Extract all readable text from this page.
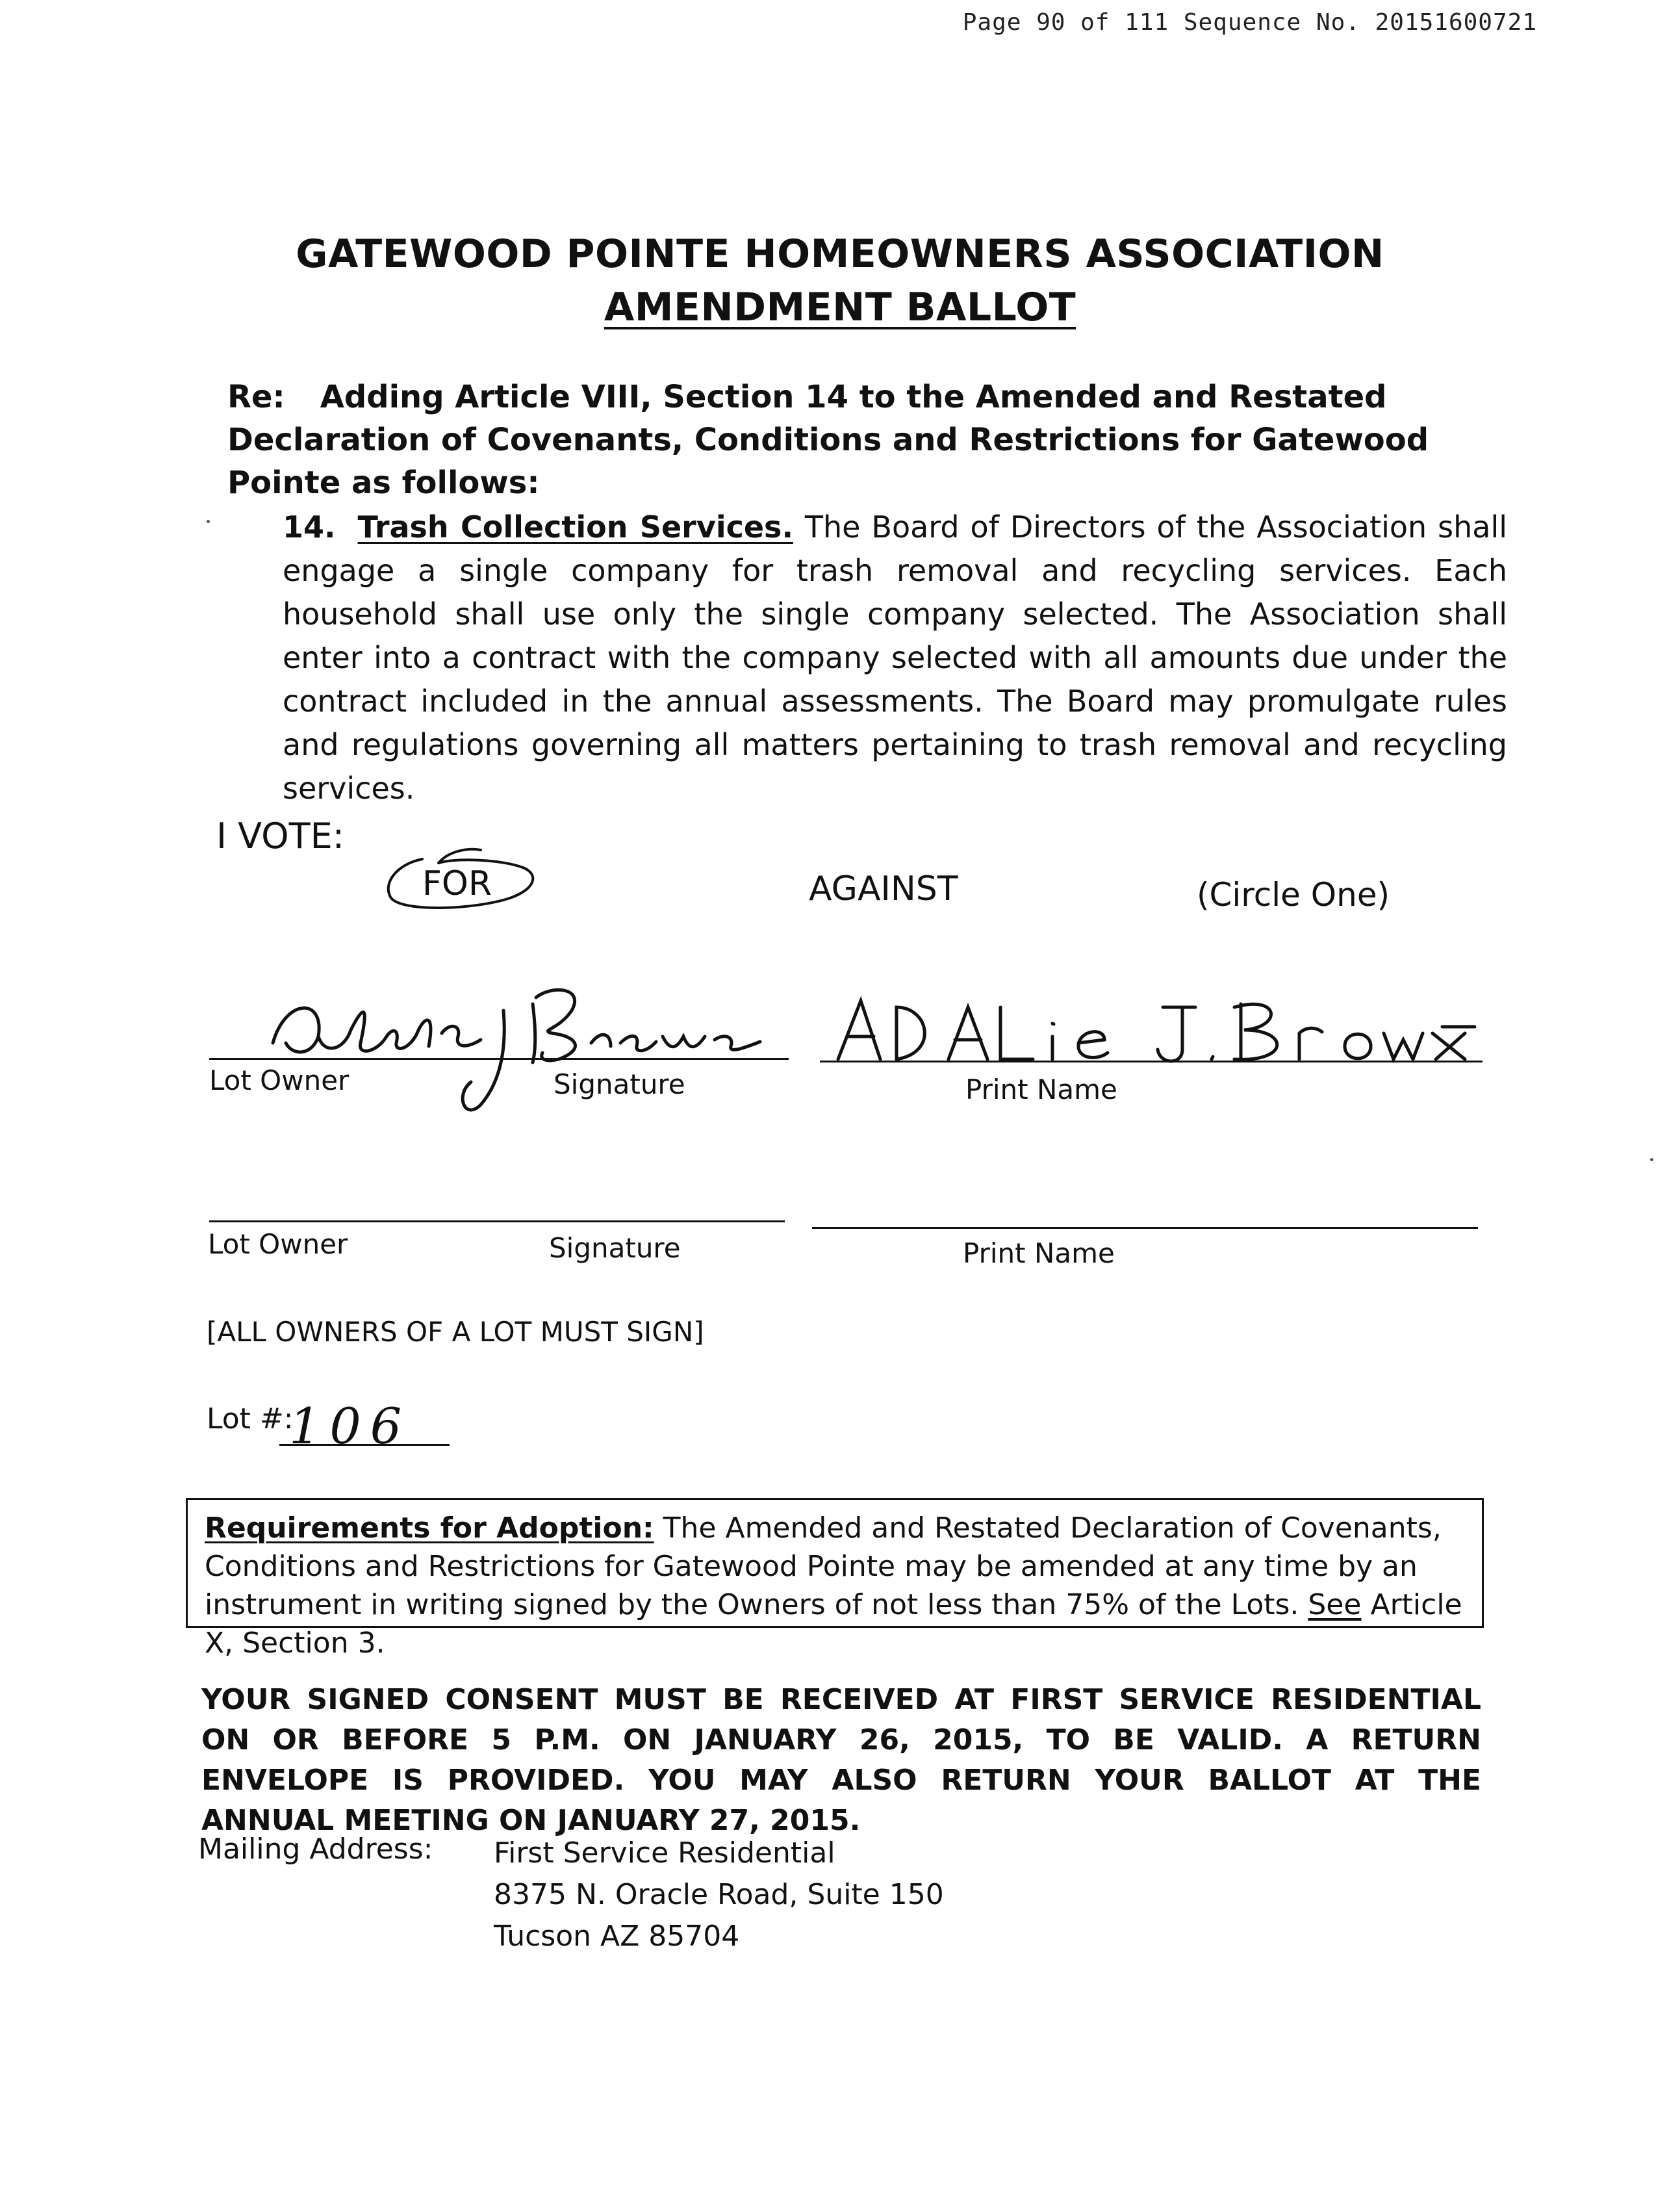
Page 90 of 111 Sequence No. 20151600721
GATEWOOD POINTE HOMEOWNERS ASSOCIATION
AMENDMENT BALLOT
Re: Adding Article VIII, Section 14 to the Amended and Restated Declaration of Covenants, Conditions and Restrictions for Gatewood Pointe as follows:
14. Trash Collection Services. The Board of Directors of the Association shall engage a single company for trash removal and recycling services. Each household shall use only the single company selected. The Association shall enter into a contract with the company selected with all amounts due under the contract included in the annual assessments. The Board may promulgate rules and regulations governing all matters pertaining to trash removal and recycling services.
I VOTE:
FOR	AGAINST	(Circle One)
Lot Owner	Signature	Print Name
Lot Owner	Signature	Print Name
[ALL OWNERS OF A LOT MUST SIGN]
Lot #:
106
Requirements for Adoption: The Amended and Restated Declaration of Covenants, Conditions and Restrictions for Gatewood Pointe may be amended at any time by an instrument in writing signed by the Owners of not less than 75% of the Lots. See Article X, Section 3.
YOUR SIGNED CONSENT MUST BE RECEIVED AT FIRST SERVICE RESIDENTIAL ON OR BEFORE 5 P.M. ON JANUARY 26, 2015, TO BE VALID. A RETURN ENVELOPE IS PROVIDED. YOU MAY ALSO RETURN YOUR BALLOT AT THE ANNUAL MEETING ON JANUARY 27, 2015.
Mailing Address: First Service Residential
8375 N. Oracle Road, Suite 150
Tucson AZ 85704
